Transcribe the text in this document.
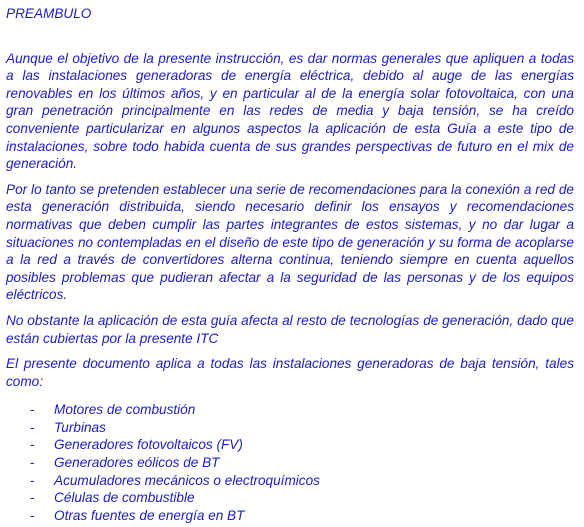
PREAMBULO

Aunque el objetivo de la presente instrucción, es dar normas generales que apliquen a todas a las instalaciones generadoras de energía eléctrica, debido al auge de las energías renovables en los últimos años, y en particular al de la energía solar fotovoltaica, con una gran penetración principalmente en las redes de media y baja tensión, se ha creído conveniente particularizar en algunos aspectos la aplicación de esta Guía a este tipo de instalaciones, sobre todo habida cuenta de sus grandes perspectivas de futuro en el mix de generación.

Por lo tanto se pretenden establecer una serie de recomendaciones para la conexión a red de esta generación distribuida, siendo necesario definir los ensayos y recomendaciones normativas que deben cumplir las partes integrantes de estos sistemas, y no dar lugar a situaciones no contempladas en el diseño de este tipo de generación y su forma de acoplarse a la red a través de convertidores alterna continua, teniendo siempre en cuenta aquellos posibles problemas que pudieran afectar a la seguridad de las personas y de los equipos eléctricos.

No obstante la aplicación de esta guía afecta al resto de tecnologías de generación, dado que están cubiertas por la presente ITC

El presente documento aplica a todas las instalaciones generadoras de baja tensión, tales como:

- Motores de combustión
- Turbinas
- Generadores fotovoltaicos (FV)
- Generadores eólicos de BT
- Acumuladores mecánicos o electroquímicos
- Células de combustible
- Otras fuentes de energía en BT
